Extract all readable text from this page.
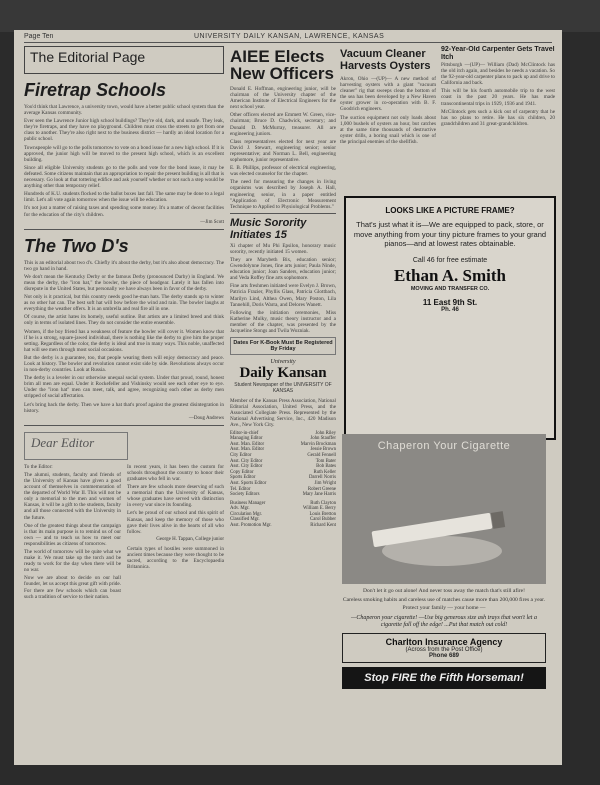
Page Ten	UNIVERSITY DAILY KANSAN, LAWRENCE, KANSAS
The Editorial Page
Firetrap Schools

You'd think that Lawrence, a university town, would have a better public school system than the average Kansas community.

Ever seen the Lawrence Junior high school buildings? They're old, dark, and unsafe. They leak, they're firetraps, and they have no playground. Children must cross the streets to get from one class to another. They're also right next to the business district — hardly an ideal location for a public school.

Townspeople will go to the polls tomorrow to vote on a bond issue for a new high school. If it is approved, the junior high will be moved to the present high school, which is an excellent building.

Since all eligible University students go to the polls and vote for the bond issue, it may be defeated. Some citizens maintain that an appropriation to repair the present building is all that is necessary. Go look at that tottering edifice and ask yourself whether or not such a step would be anything other than temporary relief.

Hundreds of K.U. students flocked to the ballot boxes last fall. The same may be done to a legal limit. Let's all vote again tomorrow when the issue will be education.

It's not just a matter of raising taxes and spending some money. It's a matter of decent facilities for the education of the city's children.

—Jim Scott
The Two D's

This is an editorial about two d's. Chiefly it's about the derby, but it's also about democracy. The two go hand in hand.

We don't mean the Kentucky Derby or the famous Derby (pronounced Darby) in England. We mean the derby, the "iron hat," the bowler, the piece of headgear. Lately it has fallen into disrepute in the United States, but personally we have always been in favor of the derby.

Not only is it practical, but this country needs good he-man hats. The derby stands up to winter as no other hat can. The best soft hat will bow before the wind and rain. The bowler laughs at everything the weather offers. It is an umbrella and real fire all in one.

Of course, the artist hates its homely, useful outline. But artists are a limited breed and think only in terms of isolated lines. They do not consider the entire ensemble.

Women, if the boy friend has a weakness of feature the bowler will cover it. Women know that if he is a strong, square-jawed individual, there is nothing like the derby to give him the proper setting. Regardless of the color, the derby is ideal and true in many ways. This noble, unaffected hat will see men through most social occasions.

But the derby is a guarantee, too, that people wearing them will enjoy democracy and peace. Look at history. The bowler and revolution cannot exist side by side. Revolutions always occur in non-derby countries. Look at Russia.

The derby is a leveler in our otherwise unequal social system. Under that proud, round, honest brim all men are equal. Under it Rockefeller and Vishinsky would see each other eye to eye. Under the "iron hat" men can meet, talk, and agree, recognizing each other as derby men stripped of social affectation.

Let's bring back the derby. Then we have a hat that's proof against the greatest disintegration in history.

—Doug Andrews
Dear Editor

To the Editor:

The alumni, students, faculty and friends of the University of Kansas have given a good account of themselves in commemoration of the departed of World War II. This will not be only a memorial to the men and women of Kansas, it will be a gift to the students, faculty and all those connected with the University in the future.

One of the greatest things about the campaign is that its main purpose is to remind us of our own — and to teach us how to meet our responsibilities as citizens of tomorrow.

The world of tomorrow will be quite what we make it. We must take up the torch and be ready to work for the day when there will be no war.

Now we are about to decide on our hall founder, let us accept this great gift with pride. For there are few schools which can boast such a tradition of service to their nation.

In recent years, it has been the custom for schools throughout the country to honor their graduates who fell in war.

There are few schools more deserving of such a memorial than the University of Kansas, whose graduates have served with distinction in every war since its founding.

Let's be proud of our school and this spirit of Kansas, and keep the memory of those who gave their lives alive in the hearts of all who follow.

George H. Tappan, College junior

Certain types of hostiles were summoned in ancient times because they were thought to be sacred, according to the Encyclopaedia Britannica.

AIEE Elects New Officers

Donald E. Hoffman, engineering junior, will be chairman of the University chapter of the American Institute of Electrical Engineers for the next school year.

Other officers elected are Emmett W. Green, vice-chairman; Bruce D. Chadwick, secretary; and Donald D. McMurray, treasurer. All are engineering juniors.

Class representatives elected for next year are David J. Stewart, engineering senior; senior representative; and Norman L. Bell, engineering sophomore, junior representative.

E. B. Phillips, professor of electrical engineering, was elected counselor for the chapter.

The need for measuring the changes in living organisms was described by Joseph A. Hall, engineering senior, in a paper entitled "Application of Electronic Measurement Technique to Applied to Physiological Problems."

Music Sorority Initiates 15

Xi chapter of Mu Phi Epsilon, honorary music sorority, recently initiated 15 women.

They are Marybeth Bix, education senior; Gwendolynne Jones, fine arts junior; Paula Ninde, education junior; Joan Sanders, education junior; and Veda Roffey fine arts sophomore.

Fine arts freshmen initiated were Evelyn J. Brown, Patricia Frazier, Phyllis Glass, Patricia Glottbach, Marilyn Lind, Althea Owen, Mary Poston, Lila Tannehill, Doris Warra, and Delores Wanett.

Following the initiation ceremonies, Miss Katherine Mulky, music theory instructor and a member of the chapter, was presented by the Jacqueline Stongs and Twila Wozniak.

Dates For K-Book Must Be Registered By Friday
University
Daily Kansan
Student Newspaper of the UNIVERSITY OF KANSAS

Member of the Kansas Press Association, National Editorial Association, United Press, and the Associated Collegiate Press. Represented by the National Advertising Service, Inc., 420 Madison Ave., New York City.

Editor-in-chief	John Riley
Managing Editor	John Stauffer
Asst. Man. Editor	Marvin Brockman
Asst. Man. Editor	Jessie Brown
City Editor	Gerald Fennell
Asst. City Editor	Tom Bater
Asst. City Editor	Bob Bates
Copy Editor	Ruth Keller
Sports Editor	Darrell Norris
Asst. Sports Editor	Jim Wright
Tel. Editor	Robert Greene
Society Editors	Mary Jane Harris
Business Manager	Ruth Clayton
Adv. Mgr.	William E. Berry
Circulation Mgr.	Louis Bretton
Classified Mgr.	Carol Bubber
Asst. Promotion Mgr.	Richard Kent
Vacuum Cleaner Harvests Oysters

Akron, Ohio —(UP)— A new method of harvesting oysters with a giant "vacuum cleaner" rig that sweeps clean the bottom of the sea has been developed by a New Haven oyster grower in co-operation with B. F. Goodrich engineers.

The suction equipment not only loads about 1,000 bushels of oysters an hour, but catches at the same time thousands of destructive oyster drills, a boring snail which is one of the principal enemies of the shellfish.

92-Year-Old Carpenter Gets Travel Itch

Pittsburgh —(UP)— William (Dad) McClintock has the old itch again, and besides he needs a vacation. So the 92-year-old carpenter plans to pack up and drive to California and back.

This will be his fourth automobile trip to the west coast in the past 20 years. He has made transcontinental trips in 1929, 1936 and 1941.

McClintock gets such a kick out of carpentry that he has no plans to retire. He has six children, 20 grandchildren and 31 great-grandchildren.

LOOKS LIKE A PICTURE FRAME?
That's just what it is—We are equipped to pack, store, or move anything from your tiny picture frames to your grand pianos—and at lowest rates obtainable.
Call 46 for free estimate
Ethan A. Smith
MOVING AND TRANSFER CO.
11 East 9th St.
Ph. 46
Chaperon Your Cigarette
Don't let it go out alone! And never toss away the match that's still afire!
Careless smoking habits and careless use of matches cause more than 200,000 fires a year.
Protect your family — your home —
—Chaperon your cigarette! —Use big generous size ash trays that won't let a cigarette fall off the edge! ...Put that match out cold!
Charlton Insurance Agency
(Across from the Post Office)
Phone 689
Stop FIRE the Fifth Horseman!
